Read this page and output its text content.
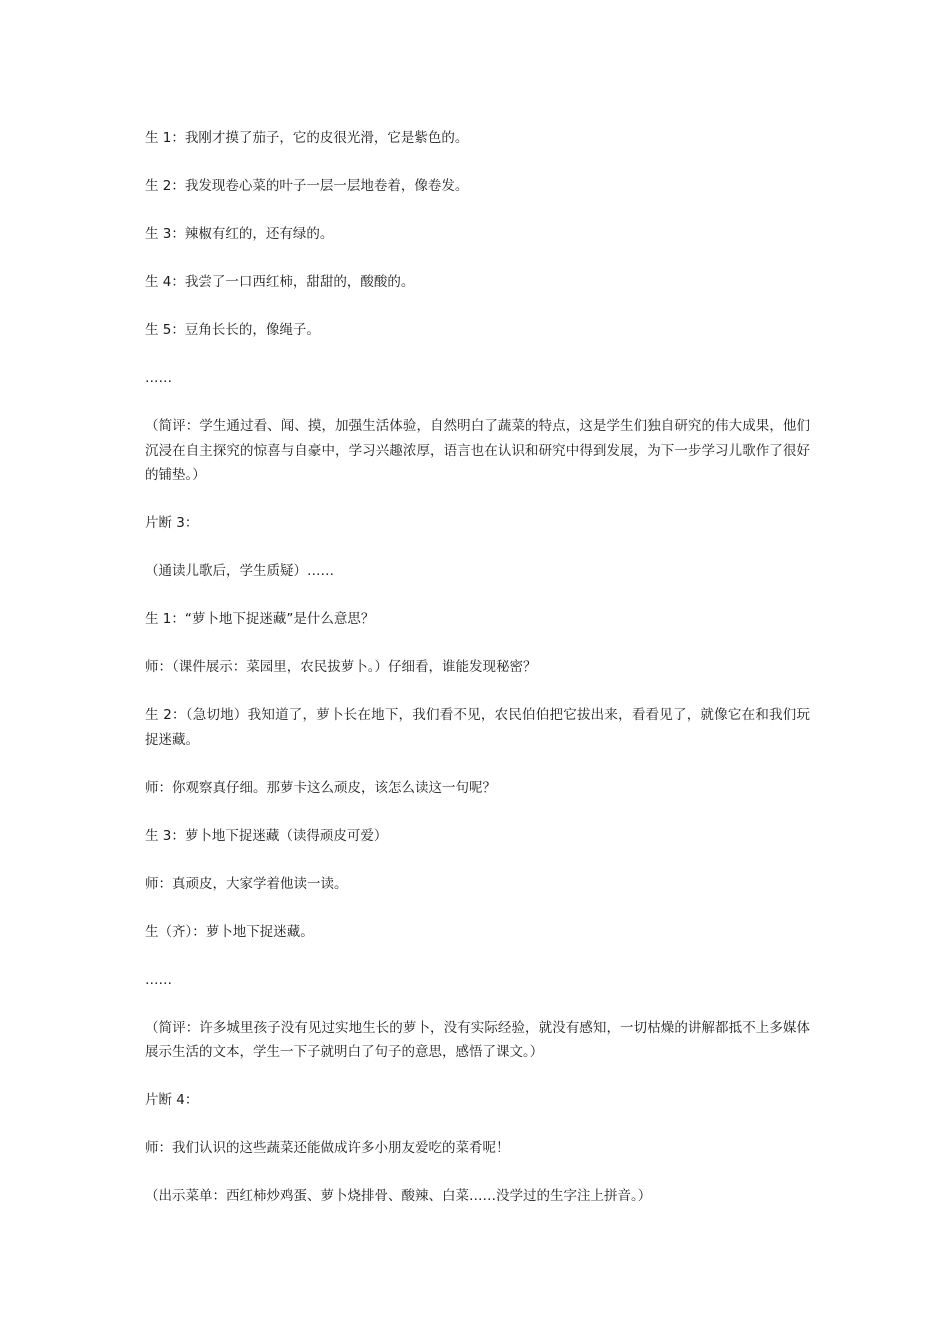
生 1：我刚才摸了茄子，它的皮很光滑，它是紫色的。

生 2：我发现卷心菜的叶子一层一层地卷着，像卷发。

生 3：辣椒有红的，还有绿的。

生 4：我尝了一口西红柿，甜甜的，酸酸的。

生 5：豆角长长的，像绳子。

……

（简评：学生通过看、闻、摸，加强生活体验，自然明白了蔬菜的特点，这是学生们独自研究的伟大成果，他们沉浸在自主探究的惊喜与自豪中，学习兴趣浓厚，语言也在认识和研究中得到发展，为下一步学习儿歌作了很好的铺垫。）

片断 3：

（通读儿歌后，学生质疑）……

生 1：“萝卜地下捉迷藏”是什么意思？

师：（课件展示：菜园里，农民拔萝卜。）仔细看，谁能发现秘密？

生 2：（急切地）我知道了，萝卜长在地下，我们看不见，农民伯伯把它拔出来，看看见了，就像它在和我们玩捉迷藏。

师：你观察真仔细。那萝卡这么顽皮，该怎么读这一句呢？

生 3：萝卜地下捉迷藏（读得顽皮可爱）

师：真顽皮，大家学着他读一读。

生（齐）：萝卜地下捉迷藏。

……

（简评：许多城里孩子没有见过实地生长的萝卜，没有实际经验，就没有感知，一切枯燥的讲解都抵不上多媒体展示生活的文本，学生一下子就明白了句子的意思，感悟了课文。）

片断 4：

师：我们认识的这些蔬菜还能做成许多小朋友爱吃的菜肴呢！

（出示菜单：西红柿炒鸡蛋、萝卜烧排骨、酸辣、白菜……没学过的生字注上拼音。）
